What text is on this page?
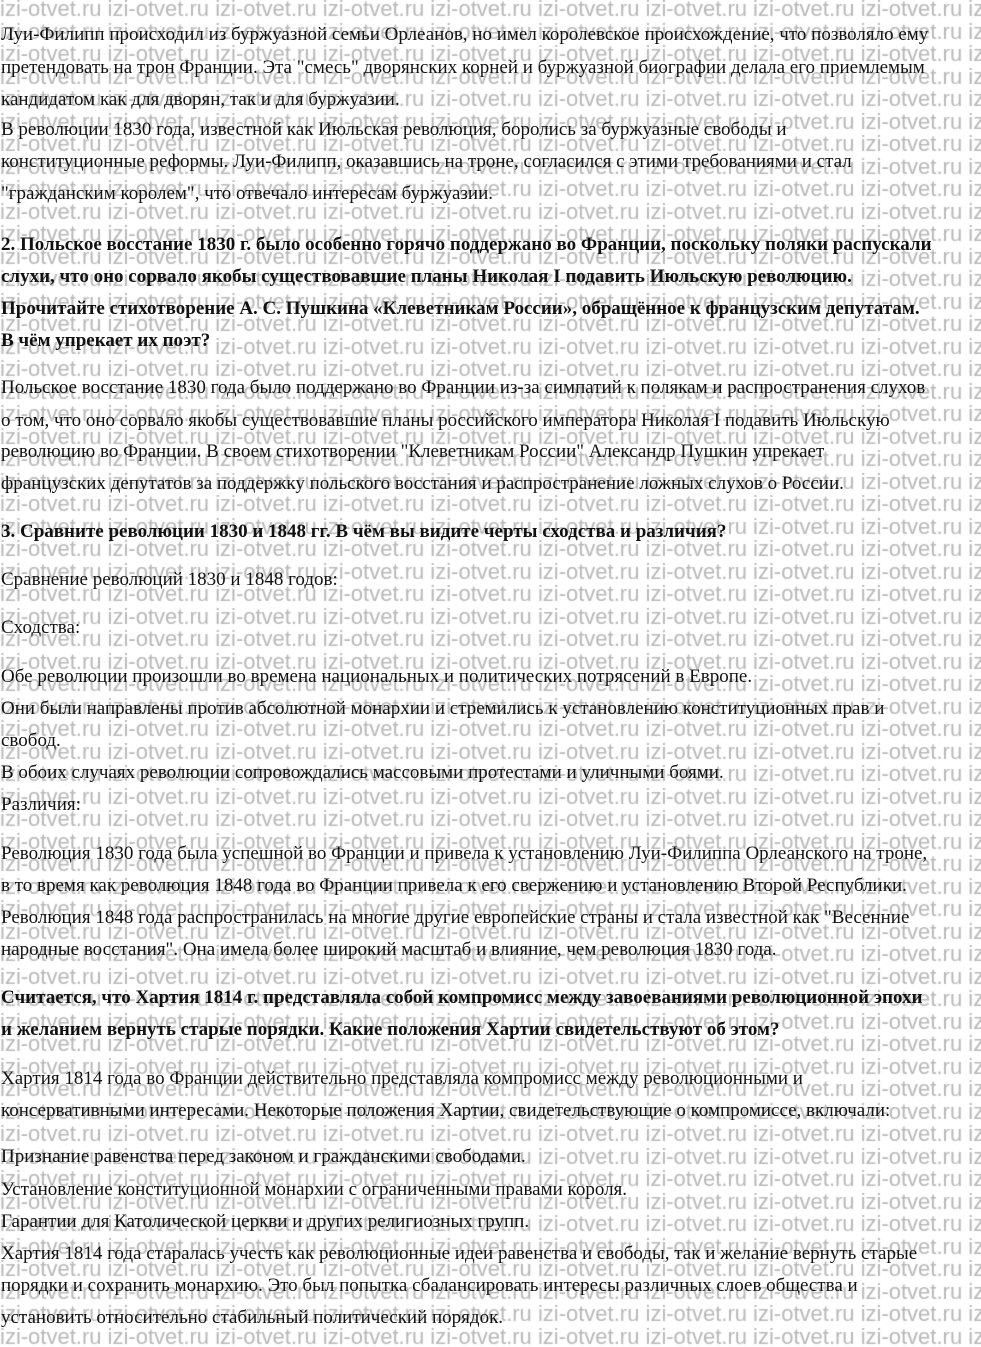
Луи-Филипп происходил из буржуазной семьи Орлеанов, но имел королевское происхождение, что позволяло ему
претендовать на трон Франции. Эта "смесь" дворянских корней и буржуазной биографии делала его приемлемым
кандидатом как для дворян, так и для буржуазии.
В революции 1830 года, известной как Июльская революция, боролись за буржуазные свободы и
конституционные реформы. Луи-Филипп, оказавшись на троне, согласился с этими требованиями и стал
"гражданским королем", что отвечало интересам буржуазии.
2. Польское восстание 1830 г. было особенно горячо поддержано во Франции, поскольку поляки распускали
слухи, что оно сорвало якобы существовавшие планы Николая I подавить Июльскую революцию.
Прочитайте стихотворение А. С. Пушкина «Клеветникам России», обращённое к французским депутатам.
В чём упрекает их поэт?
Польское восстание 1830 года было поддержано во Франции из-за симпатий к полякам и распространения слухов
о том, что оно сорвало якобы существовавшие планы российского императора Николая I подавить Июльскую
революцию во Франции. В своем стихотворении "Клеветникам России" Александр Пушкин упрекает
французских депутатов за поддержку польского восстания и распространение ложных слухов о России.
3. Сравните революции 1830 и 1848 гг. В чём вы видите черты сходства и различия?
Сравнение революций 1830 и 1848 годов:
Сходства:
Обе революции произошли во времена национальных и политических потрясений в Европе.
Они были направлены против абсолютной монархии и стремились к установлению конституционных прав и
свобод.
В обоих случаях революции сопровождались массовыми протестами и уличными боями.
Различия:
Революция 1830 года была успешной во Франции и привела к установлению Луи-Филиппа Орлеанского на троне,
в то время как революция 1848 года во Франции привела к его свержению и установлению Второй Республики.
Революция 1848 года распространилась на многие другие европейские страны и стала известной как "Весенние
народные восстания". Она имела более широкий масштаб и влияние, чем революция 1830 года.
Считается, что Хартия 1814 г. представляла собой компромисс между завоеваниями революционной эпохи
и желанием вернуть старые порядки. Какие положения Хартии свидетельствуют об этом?
Хартия 1814 года во Франции действительно представляла компромисс между революционными и
консервативными интересами. Некоторые положения Хартии, свидетельствующие о компромиссе, включали:
Признание равенства перед законом и гражданскими свободами.
Установление конституционной монархии с ограниченными правами короля.
Гарантии для Католической церкви и других религиозных групп.
Хартия 1814 года старалась учесть как революционные идеи равенства и свободы, так и желание вернуть старые
порядки и сохранить монархию. Это был попытка сбалансировать интересы различных слоев общества и
установить относительно стабильный политический порядок.
